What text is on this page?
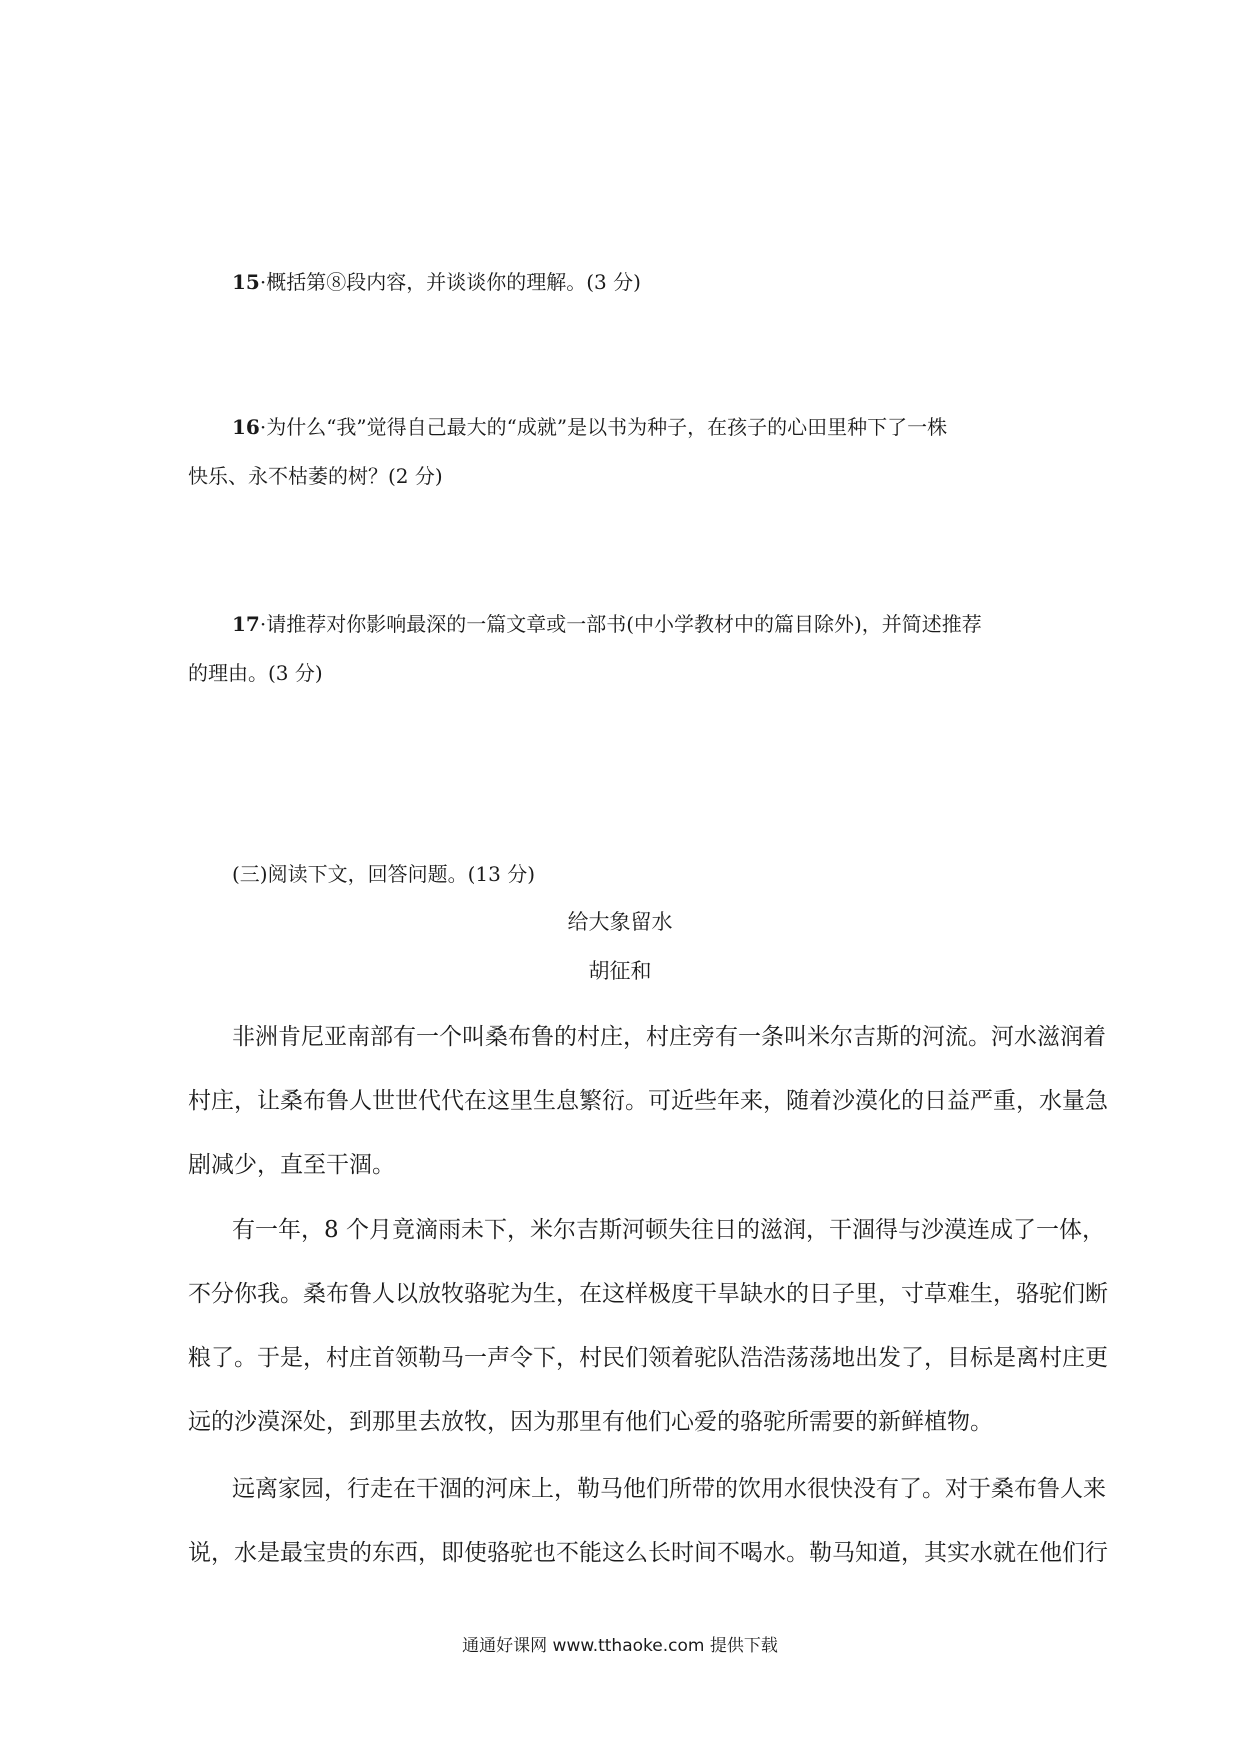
15·概括第⑧段内容，并谈谈你的理解。(3 分)
16·为什么“我”觉得自己最大的“成就”是以书为种子，在孩子的心田里种下了一株
快乐、永不枯萎的树？(2 分)
17·请推荐对你影响最深的一篇文章或一部书(中小学教材中的篇目除外)，并简述推荐
的理由。(3 分)
(三)阅读下文，回答问题。(13 分)
给大象留水
胡征和
非洲肯尼亚南部有一个叫桑布鲁的村庄，村庄旁有一条叫米尔吉斯的河流。河水滋润着
村庄，让桑布鲁人世世代代在这里生息繁衍。可近些年来，随着沙漠化的日益严重，水量急
剧减少，直至干涸。
有一年，8 个月竟滴雨未下，米尔吉斯河顿失往日的滋润，干涸得与沙漠连成了一体，
不分你我。桑布鲁人以放牧骆驼为生，在这样极度干旱缺水的日子里，寸草难生，骆驼们断
粮了。于是，村庄首领勒马一声令下，村民们领着驼队浩浩荡荡地出发了，目标是离村庄更
远的沙漠深处，到那里去放牧，因为那里有他们心爱的骆驼所需要的新鲜植物。
远离家园，行走在干涸的河床上，勒马他们所带的饮用水很快没有了。对于桑布鲁人来
说，水是最宝贵的东西，即使骆驼也不能这么长时间不喝水。勒马知道，其实水就在他们行
通通好课网 www.tthaoke.com 提供下载
